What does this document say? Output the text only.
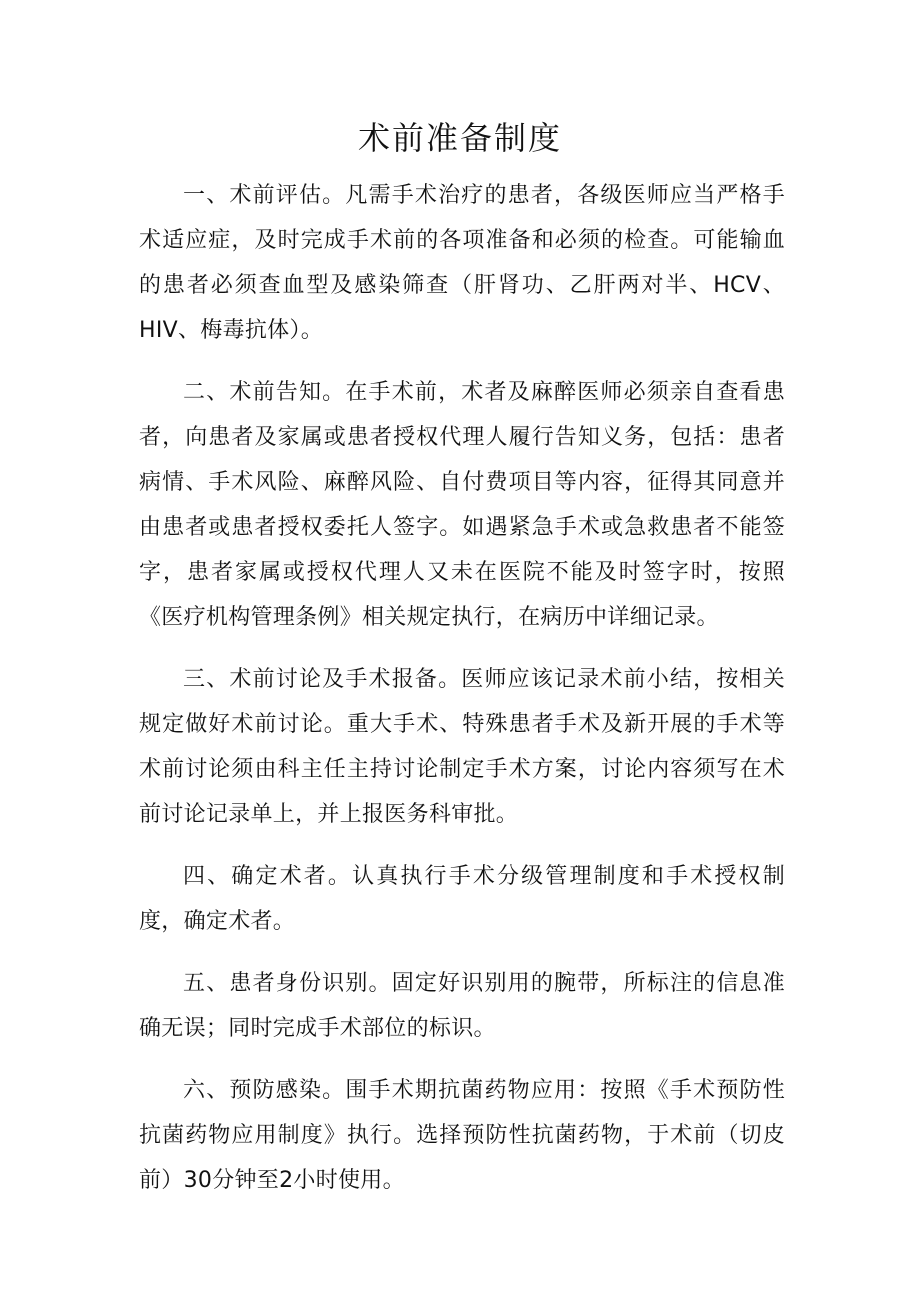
术前准备制度

一、术前评估。凡需手术治疗的患者，各级医师应当严格手术适应症，及时完成手术前的各项准备和必须的检查。可能输血的患者必须查血型及感染筛查（肝肾功、乙肝两对半、HCV、HIV、梅毒抗体）。

二、术前告知。在手术前，术者及麻醉医师必须亲自查看患者，向患者及家属或患者授权代理人履行告知义务，包括：患者病情、手术风险、麻醉风险、自付费项目等内容，征得其同意并由患者或患者授权委托人签字。如遇紧急手术或急救患者不能签字，患者家属或授权代理人又未在医院不能及时签字时，按照《医疗机构管理条例》相关规定执行，在病历中详细记录。

三、术前讨论及手术报备。医师应该记录术前小结，按相关规定做好术前讨论。重大手术、特殊患者手术及新开展的手术等术前讨论须由科主任主持讨论制定手术方案，讨论内容须写在术前讨论记录单上，并上报医务科审批。

四、确定术者。认真执行手术分级管理制度和手术授权制度，确定术者。

五、患者身份识别。固定好识别用的腕带，所标注的信息准确无误；同时完成手术部位的标识。

六、预防感染。围手术期抗菌药物应用：按照《手术预防性抗菌药物应用制度》执行。选择预防性抗菌药物，于术前（切皮前）30分钟至2小时使用。
